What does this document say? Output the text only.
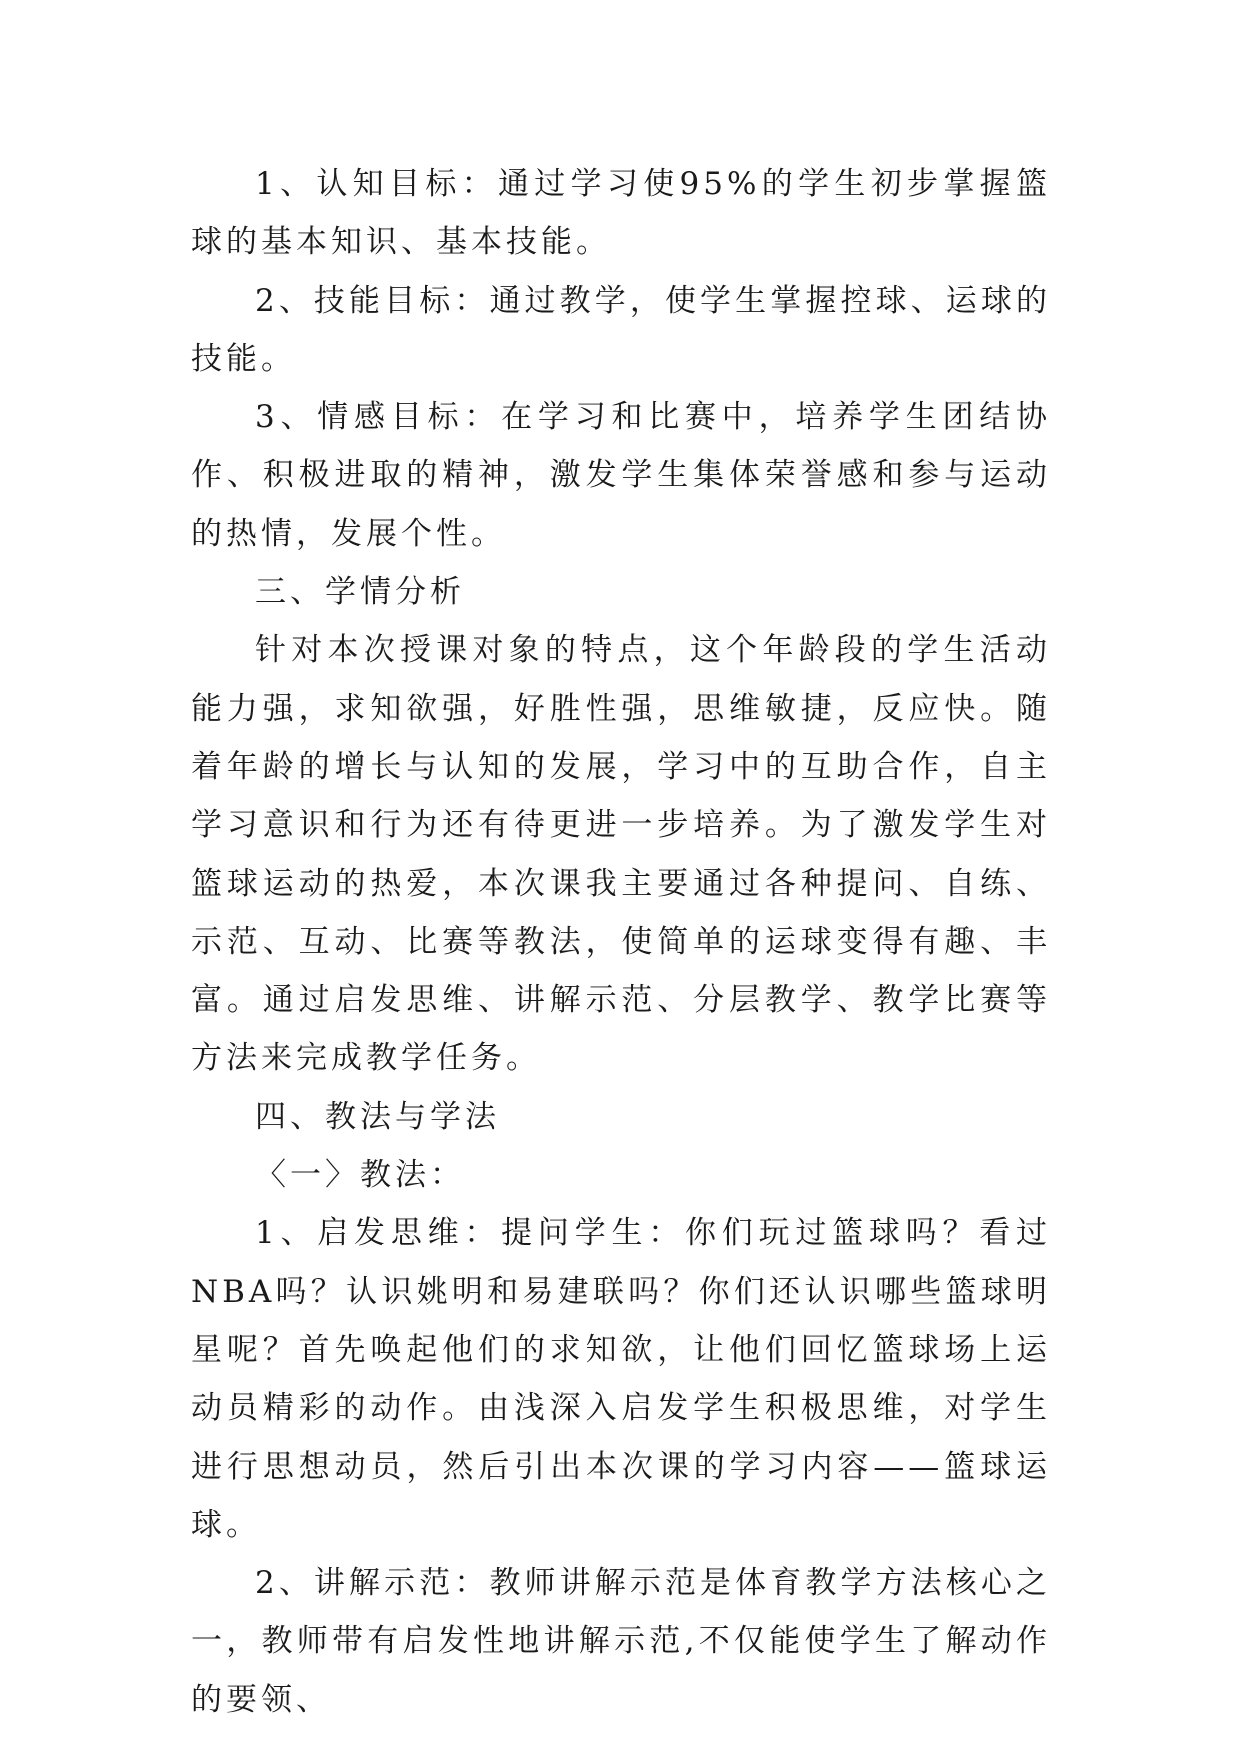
1、认知目标：通过学习使95%的学生初步掌握篮球的基本知识、基本技能。

2、技能目标：通过教学，使学生掌握控球、运球的技能。

3、情感目标：在学习和比赛中，培养学生团结协作、积极进取的精神，激发学生集体荣誉感和参与运动的热情，发展个性。

三、学情分析

针对本次授课对象的特点，这个年龄段的学生活动能力强，求知欲强，好胜性强，思维敏捷，反应快。随着年龄的增长与认知的发展，学习中的互助合作，自主学习意识和行为还有待更进一步培养。为了激发学生对篮球运动的热爱，本次课我主要通过各种提问、自练、示范、互动、比赛等教法，使简单的运球变得有趣、丰富。通过启发思维、讲解示范、分层教学、教学比赛等方法来完成教学任务。

四、教法与学法

〈一〉教法：

1、启发思维：提问学生：你们玩过篮球吗？看过NBA吗？认识姚明和易建联吗？你们还认识哪些篮球明星呢？首先唤起他们的求知欲，让他们回忆篮球场上运动员精彩的动作。由浅深入启发学生积极思维，对学生进行思想动员，然后引出本次课的学习内容——篮球运球。

2、讲解示范：教师讲解示范是体育教学方法核心之一，教师带有启发性地讲解示范,不仅能使学生了解动作的要领、
